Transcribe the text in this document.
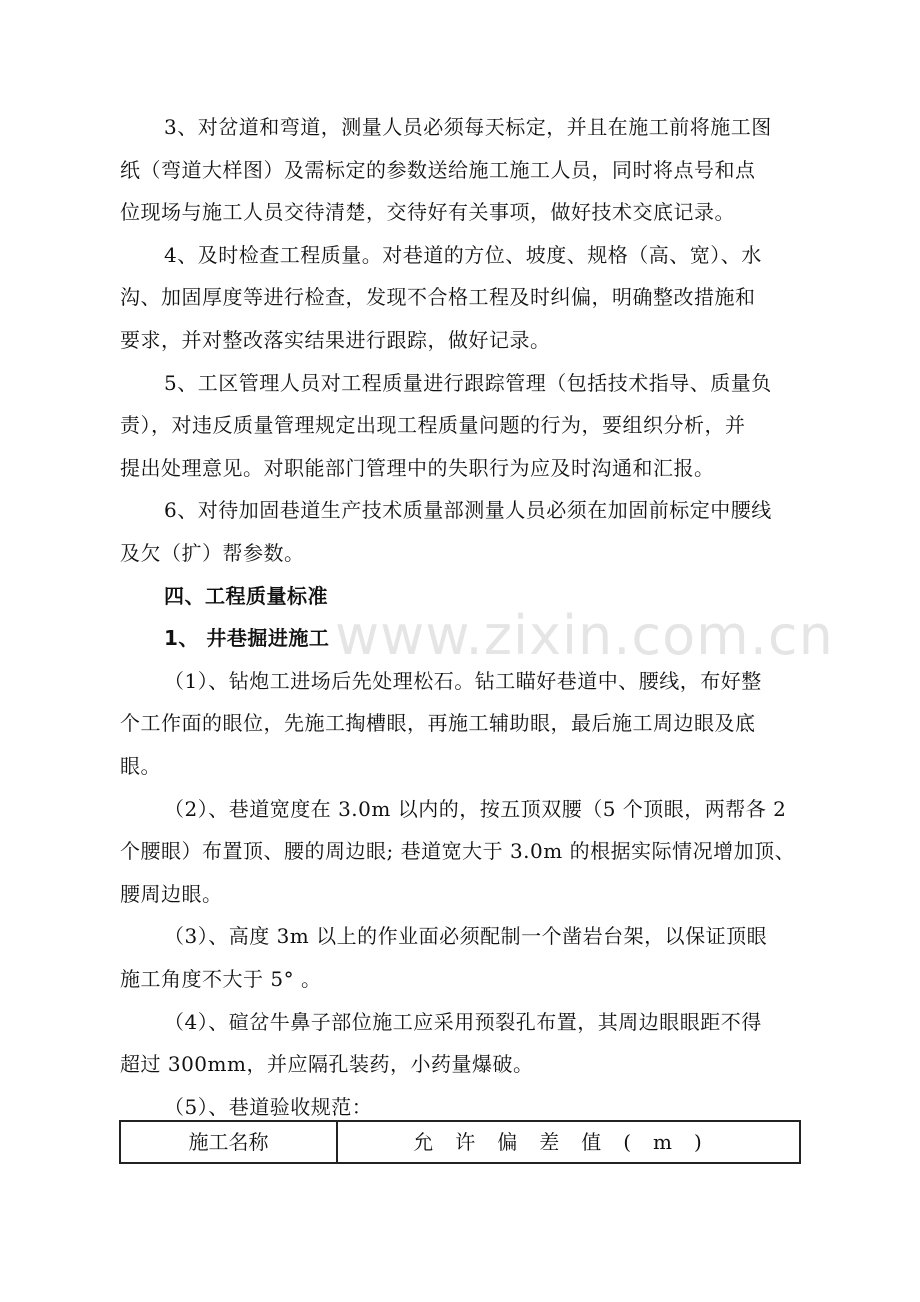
3、对岔道和弯道，测量人员必须每天标定，并且在施工前将施工图
纸（弯道大样图）及需标定的参数送给施工施工人员，同时将点号和点
位现场与施工人员交待清楚，交待好有关事项，做好技术交底记录。
4、及时检查工程质量。对巷道的方位、坡度、规格（高、宽）、水
沟、加固厚度等进行检查，发现不合格工程及时纠偏，明确整改措施和
要求，并对整改落实结果进行跟踪，做好记录。
5、工区管理人员对工程质量进行跟踪管理（包括技术指导、质量负
责），对违反质量管理规定出现工程质量问题的行为，要组织分析，并
提出处理意见。对职能部门管理中的失职行为应及时沟通和汇报。
6、对待加固巷道生产技术质量部测量人员必须在加固前标定中腰线
及欠（扩）帮参数。
四、工程质量标准
1、 井巷掘进施工
（1）、钻炮工进场后先处理松石。钻工瞄好巷道中、腰线，布好整
个工作面的眼位，先施工掏槽眼，再施工辅助眼，最后施工周边眼及底
眼。
（2）、巷道宽度在 3.0m 以内的，按五顶双腰（5 个顶眼，两帮各 2
个腰眼）布置顶、腰的周边眼; 巷道宽大于 3.0m 的根据实际情况增加顶、
腰周边眼。
（3）、高度 3m 以上的作业面必须配制一个凿岩台架，以保证顶眼
施工角度不大于 5° 。
（4）、碹岔牛鼻子部位施工应采用预裂孔布置，其周边眼眼距不得
超过 300mm，并应隔孔装药，小药量爆破。
（5）、巷道验收规范：
www.zixin.com.cn
施工名称	允许偏差值(m)
